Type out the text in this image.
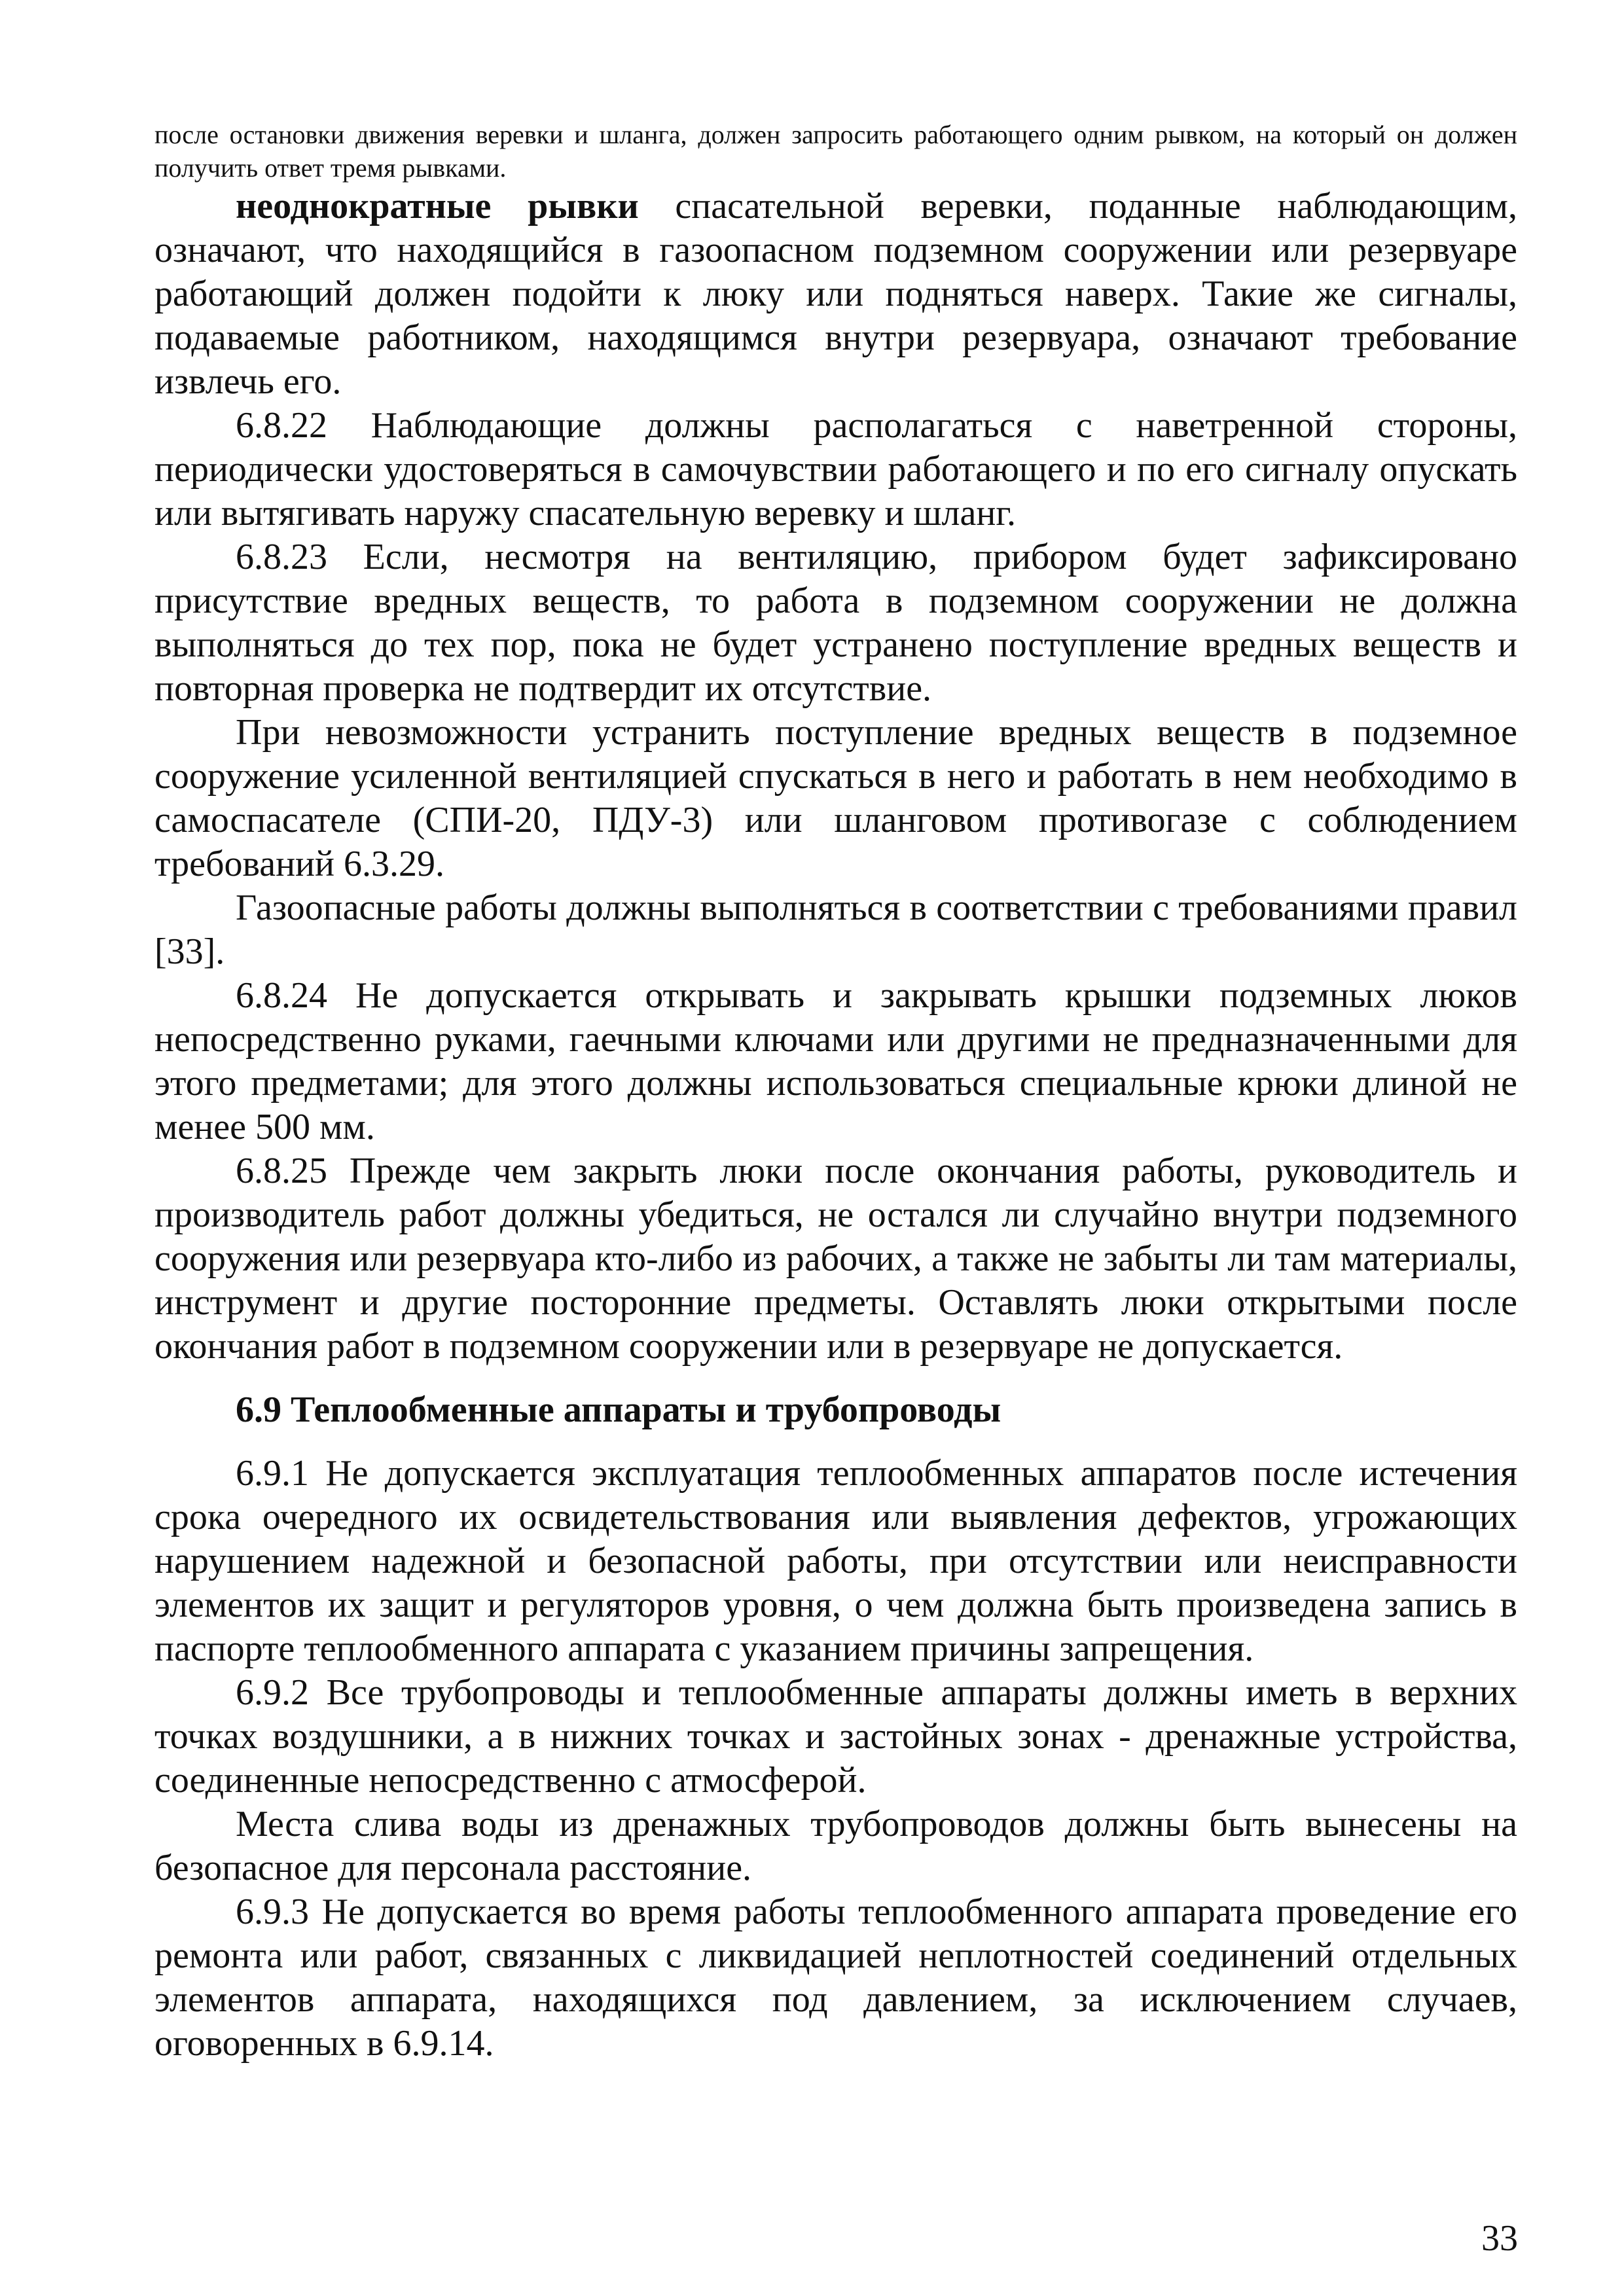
после остановки движения веревки и шланга, должен запросить работающего одним рывком, на который он должен получить ответ тремя рывками.

неоднократные рывки спасательной веревки, поданные наблюдающим, означают, что находящийся в газоопасном подземном сооружении или резервуаре работающий должен подойти к люку или подняться наверх. Такие же сигналы, подаваемые работником, находящимся внутри резервуара, означают требование извлечь его.

6.8.22 Наблюдающие должны располагаться с наветренной стороны, периодически удостоверяться в самочувствии работающего и по его сигналу опускать или вытягивать наружу спасательную веревку и шланг.

6.8.23 Если, несмотря на вентиляцию, прибором будет зафиксировано присутствие вредных веществ, то работа в подземном сооружении не должна выполняться до тех пор, пока не будет устранено поступление вредных веществ и повторная проверка не подтвердит их отсутствие.

При невозможности устранить поступление вредных веществ в подземное сооружение усиленной вентиляцией спускаться в него и работать в нем необходимо в самоспасателе (СПИ-20, ПДУ-3) или шланговом противогазе с соблюдением требований 6.3.29.

Газоопасные работы должны выполняться в соответствии с требованиями правил [33].

6.8.24 Не допускается открывать и закрывать крышки подземных люков непосредственно руками, гаечными ключами или другими не предназначенными для этого предметами; для этого должны использоваться специальные крюки длиной не менее 500 мм.

6.8.25 Прежде чем закрыть люки после окончания работы, руководитель и производитель работ должны убедиться, не остался ли случайно внутри подземного сооружения или резервуара кто-либо из рабочих, а также не забыты ли там материалы, инструмент и другие посторонние предметы. Оставлять люки открытыми после окончания работ в подземном сооружении или в резервуаре не допускается.

6.9 Теплообменные аппараты и трубопроводы

6.9.1 Не допускается эксплуатация теплообменных аппаратов после истечения срока очередного их освидетельствования или выявления дефектов, угрожающих нарушением надежной и безопасной работы, при отсутствии или неисправности элементов их защит и регуляторов уровня, о чем должна быть произведена запись в паспорте теплообменного аппарата с указанием причины запрещения.

6.9.2 Все трубопроводы и теплообменные аппараты должны иметь в верхних точках воздушники, а в нижних точках и застойных зонах - дренажные устройства, соединенные непосредственно с атмосферой.

Места слива воды из дренажных трубопроводов должны быть вынесены на безопасное для персонала расстояние.

6.9.3 Не допускается во время работы теплообменного аппарата проведение его ремонта или работ, связанных с ликвидацией неплотностей соединений отдельных элементов аппарата, находящихся под давлением, за исключением случаев, оговоренных в 6.9.14.

33
